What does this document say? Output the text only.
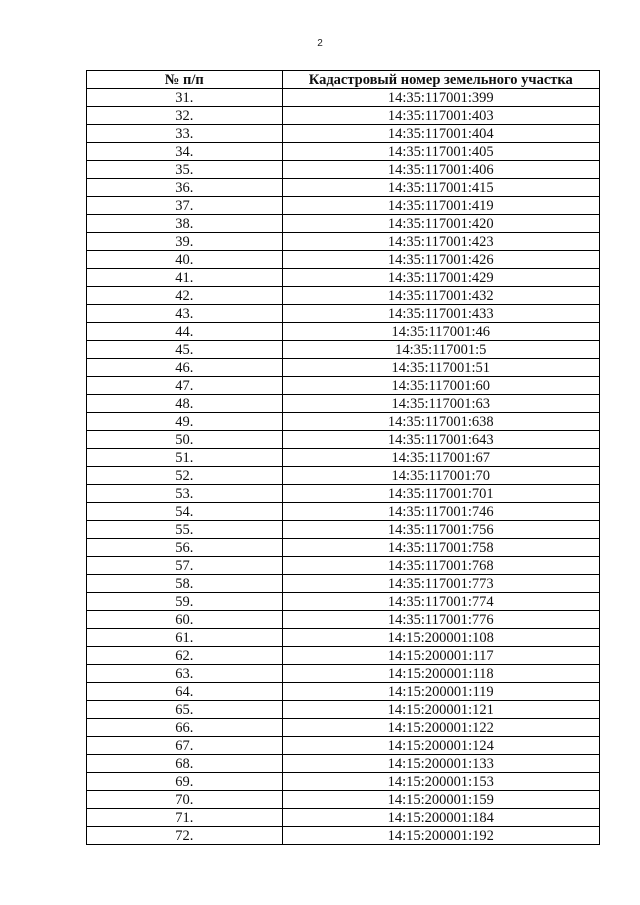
2
№ п/п	Кадастровый номер земельного участка
31.	14:35:117001:399
32.	14:35:117001:403
33.	14:35:117001:404
34.	14:35:117001:405
35.	14:35:117001:406
36.	14:35:117001:415
37.	14:35:117001:419
38.	14:35:117001:420
39.	14:35:117001:423
40.	14:35:117001:426
41.	14:35:117001:429
42.	14:35:117001:432
43.	14:35:117001:433
44.	14:35:117001:46
45.	14:35:117001:5
46.	14:35:117001:51
47.	14:35:117001:60
48.	14:35:117001:63
49.	14:35:117001:638
50.	14:35:117001:643
51.	14:35:117001:67
52.	14:35:117001:70
53.	14:35:117001:701
54.	14:35:117001:746
55.	14:35:117001:756
56.	14:35:117001:758
57.	14:35:117001:768
58.	14:35:117001:773
59.	14:35:117001:774
60.	14:35:117001:776
61.	14:15:200001:108
62.	14:15:200001:117
63.	14:15:200001:118
64.	14:15:200001:119
65.	14:15:200001:121
66.	14:15:200001:122
67.	14:15:200001:124
68.	14:15:200001:133
69.	14:15:200001:153
70.	14:15:200001:159
71.	14:15:200001:184
72.	14:15:200001:192
